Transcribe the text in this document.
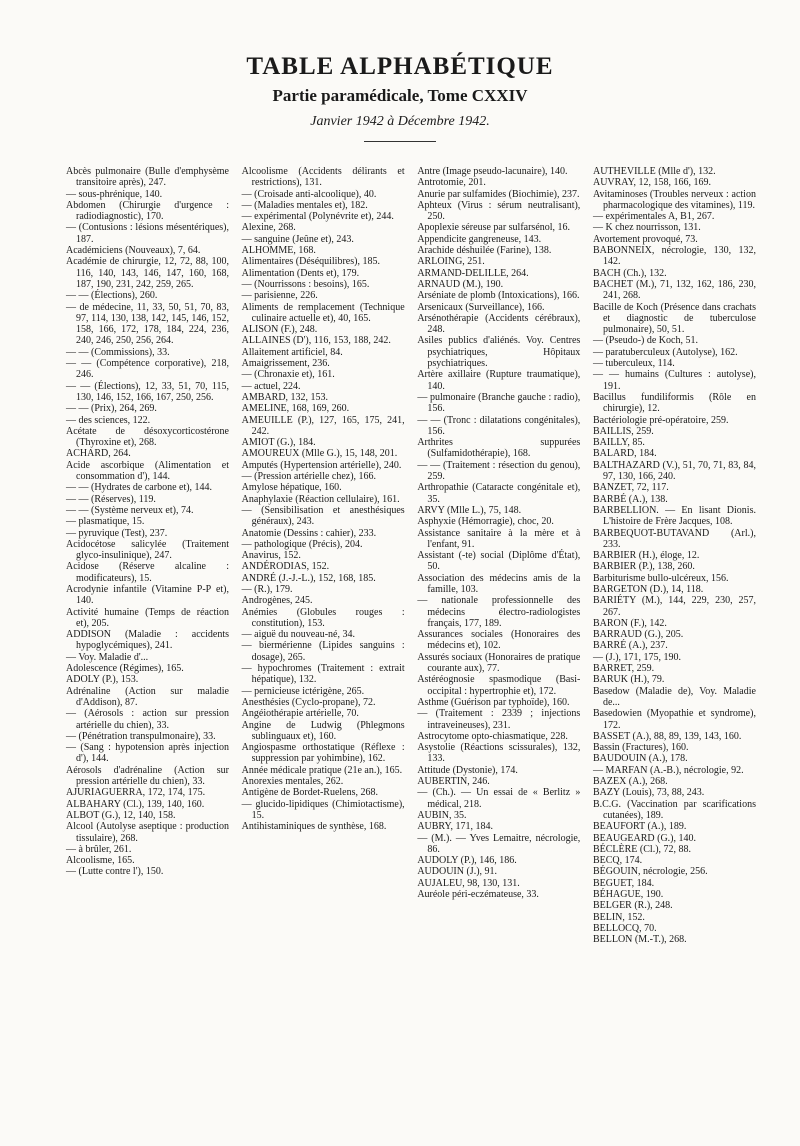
TABLE ALPHABÉTIQUE
Partie paramédicale, Tome CXXIV
Janvier 1942 à Décembre 1942.
Abcès pulmonaire (Bulle d'emphysème transitoire après), 247.
— sous-phrénique, 140.
Abdomen (Chirurgie d'urgence : radiodiagnostic), 170.
— (Contusions : lésions mésentériques), 187.
Académiciens (Nouveaux), 7, 64.
Académie de chirurgie, 12, 72, 88, 100, 116, 140, 143, 146, 147, 160, 168, 187, 190, 231, 242, 259, 265.
— — (Élections), 260.
— de médecine, 11, 33, 50, 51, 70, 83, 97, 114, 130, 138, 142, 145, 146, 152, 158, 166, 172, 178, 184, 224, 236, 240, 246, 250, 256, 264.
— — (Commissions), 33.
— — (Compétence corporative), 218, 246.
— — (Élections), 12, 33, 51, 70, 115, 130, 146, 152, 166, 167, 250, 256.
— — (Prix), 264, 269.
— des sciences, 122.
Acétate de désoxycorticostérone (Thyroxine et), 268.
ACHARD, 264.
Acide ascorbique (Alimentation et consommation d'), 144.
— — (Hydrates de carbone et), 144.
— — (Réserves), 119.
— — (Système nerveux et), 74.
— plasmatique, 15.
— pyruvique (Test), 237.
Acidocétose salicylée (Traitement glyco-insulinique), 247.
Acidose (Réserve alcaline : modificateurs), 15.
Acrodynie infantile (Vitamine P-P et), 140.
Activité humaine (Temps de réaction et), 205.
ADDISON (Maladie : accidents hypoglycémiques), 241.
— Voy. Maladie d'...
Adolescence (Régimes), 165.
ADOLY (P.), 153.
Adrénaline (Action sur maladie d'Addison), 87.
— (Aérosols : action sur pression artérielle du chien), 33.
— (Pénétration transpulmonaire), 33.
— (Sang : hypotension après injection d'), 144.
Aérosols d'adrénaline (Action sur pression artérielle du chien), 33.
AJURIAGUERRA, 172, 174, 175.
ALBAHARY (Cl.), 139, 140, 160.
ALBOT (G.), 12, 140, 158.
Alcool (Autolyse aseptique : production tissulaire), 268.
— à brûler, 261.
Alcoolisme, 165.
— (Lutte contre l'), 150.
Alcoolisme (Accidents délirants et restrictions), 131.
— (Croisade anti-alcoolique), 40.
— (Maladies mentales et), 182.
— expérimental (Polynévrite et), 244.
Alexine, 268.
— sanguine (Jeûne et), 243.
ALHOMME, 168.
Alimentaires (Déséquilibres), 185.
Alimentation (Dents et), 179.
— (Nourrissons : besoins), 165.
— parisienne, 226.
Aliments de remplacement (Technique culinaire actuelle et), 40, 165.
ALISON (F.), 248.
ALLAINES (D'), 116, 153, 188, 242.
Allaitement artificiel, 84.
Amaigrissement, 236.
— (Chronaxie et), 161.
— actuel, 224.
AMBARD, 132, 153.
AMELINE, 168, 169, 260.
AMEUILLE (P.), 127, 165, 175, 241, 242.
AMIOT (G.), 184.
AMOUREUX (Mlle G.), 15, 148, 201.
Amputés (Hypertension artérielle), 240.
— (Pression artérielle chez), 166.
Amylose hépatique, 160.
Anaphylaxie (Réaction cellulaire), 161.
— (Sensibilisation et anesthésiques généraux), 243.
Anatomie (Dessins : cahier), 233.
— pathologique (Précis), 204.
Anavirus, 152.
ANDÉRODIAS, 152.
ANDRÉ (J.-J.-L.), 152, 168, 185.
— (R.), 179.
Androgènes, 245.
Anémies (Globules rouges : constitution), 153.
— aiguë du nouveau-né, 34.
— biermérienne (Lipides sanguins : dosage), 265.
— hypochromes (Traitement : extrait hépatique), 132.
— pernicieuse ictérigène, 265.
Anesthésies (Cyclo-propane), 72.
Angéiothérapie artérielle, 70.
Angine de Ludwig (Phlegmons sublinguaux et), 160.
Angiospasme orthostatique (Réflexe : suppression par yohimbine), 162.
Année médicale pratique (21e an.), 165.
Anorexies mentales, 262.
Antigène de Bordet-Ruelens, 268.
— glucido-lipidiques (Chimiotactisme), 15.
Antihistaminiques de synthèse, 168.
Antre (Image pseudo-lacunaire), 140.
Antrotomie, 201.
Anurie par sulfamides (Biochimie), 237.
Aphteux (Virus : sérum neutralisant), 250.
Apoplexie séreuse par sulfarsénol, 16.
Appendicite gangreneuse, 143.
Arachide déshuilée (Farine), 138.
ARLOING, 251.
ARMAND-DELILLE, 264.
ARNAUD (M.), 190.
Arséniate de plomb (Intoxications), 166.
Arsenicaux (Surveillance), 166.
Arsénothérapie (Accidents cérébraux), 248.
Asiles publics d'aliénés. Voy. Centres psychiatriques, Hôpitaux psychiatriques.
Artère axillaire (Rupture traumatique), 140.
— pulmonaire (Branche gauche : radio), 156.
— — (Tronc : dilatations congénitales), 156.
Arthrites suppurées (Sulfamidothérapie), 168.
— — (Traitement : résection du genou), 259.
Arthropathie (Cataracte congénitale et), 35.
ARVY (Mlle L.), 75, 148.
Asphyxie (Hémorragie), choc, 20.
Assistance sanitaire à la mère et à l'enfant, 91.
Assistant (-te) social (Diplôme d'État), 50.
Association des médecins amis de la famille, 103.
— nationale professionnelle des médecins électro-radiologistes français, 177, 189.
Assurances sociales (Honoraires des médecins et), 102.
Assurés sociaux (Honoraires de pratique courante aux), 77.
Astéréognosie spasmodique (Basi-occipital : hypertrophie et), 172.
Asthme (Guérison par typhoïde), 160.
— (Traitement : 2339 ; injections intraveineuses), 231.
Astrocytome opto-chiasmatique, 228.
Asystolie (Réactions scissurales), 132, 133.
Attitude (Dystonie), 174.
AUBERTIN, 246.
— (Ch.). — Un essai de « Berlitz » médical, 218.
AUBIN, 35.
AUBRY, 171, 184.
— (M.). — Yves Lemaitre, nécrologie, 86.
AUDOLY (P.), 146, 186.
AUDOUIN (J.), 91.
AUJALEU, 98, 130, 131.
Auréole péri-eczémateuse, 33.
AUTHEVILLE (Mlle d'), 132.
AUVRAY, 12, 158, 166, 169.
Avitaminoses (Troubles nerveux : action pharmacologique des vitamines), 119.
— expérimentales A, B1, 267.
— K chez nourrisson, 131.
Avortement provoqué, 73.
BABONNEIX, nécrologie, 130, 132, 142.
BACH (Ch.), 132.
BACHET (M.), 71, 132, 162, 186, 230, 241, 268.
Bacille de Koch (Présence dans crachats et diagnostic de tuberculose pulmonaire), 50, 51.
— (Pseudo-) de Koch, 51.
— paratuberculeux (Autolyse), 162.
— tuberculeux, 114.
— — humains (Cultures : autolyse), 191.
Bacillus fundiliformis (Rôle en chirurgie), 12.
Bactériologie pré-opératoire, 259.
BAILLIS, 259.
BAILLY, 85.
BALARD, 184.
BALTHAZARD (V.), 51, 70, 71, 83, 84, 97, 130, 166, 240.
BANZET, 72, 117.
BARBÉ (A.), 138.
BARBELLION. — En lisant Dionis. L'histoire de Frère Jacques, 108.
BARBEQUOT-BUTAVAND (Arl.), 233.
BARBIER (H.), éloge, 12.
BARBIER (P.), 138, 260.
Barbiturisme bullo-ulcéreux, 156.
BARGETON (D.), 14, 118.
BARIÉTY (M.), 144, 229, 230, 257, 267.
BARON (F.), 142.
BARRAUD (G.), 205.
BARRÉ (A.), 237.
— (J.), 171, 175, 190.
BARRET, 259.
BARUK (H.), 79.
Basedow (Maladie de), Voy. Maladie de...
Basedowien (Myopathie et syndrome), 172.
BASSET (A.), 88, 89, 139, 143, 160.
Bassin (Fractures), 160.
BAUDOUIN (A.), 178.
— MARFAN (A.-B.), nécrologie, 92.
BAZEX (A.), 268.
BAZY (Louis), 73, 88, 243.
B.C.G. (Vaccination par scarifications cutanées), 189.
BEAUFORT (A.), 189.
BEAUGEARD (G.), 140.
BÉCLÈRE (Cl.), 72, 88.
BECQ, 174.
BÉGOUIN, nécrologie, 256.
BEGUET, 184.
BÉHAGUE, 190.
BELGER (R.), 248.
BELIN, 152.
BELLOCQ, 70.
BELLON (M.-T.), 268.
